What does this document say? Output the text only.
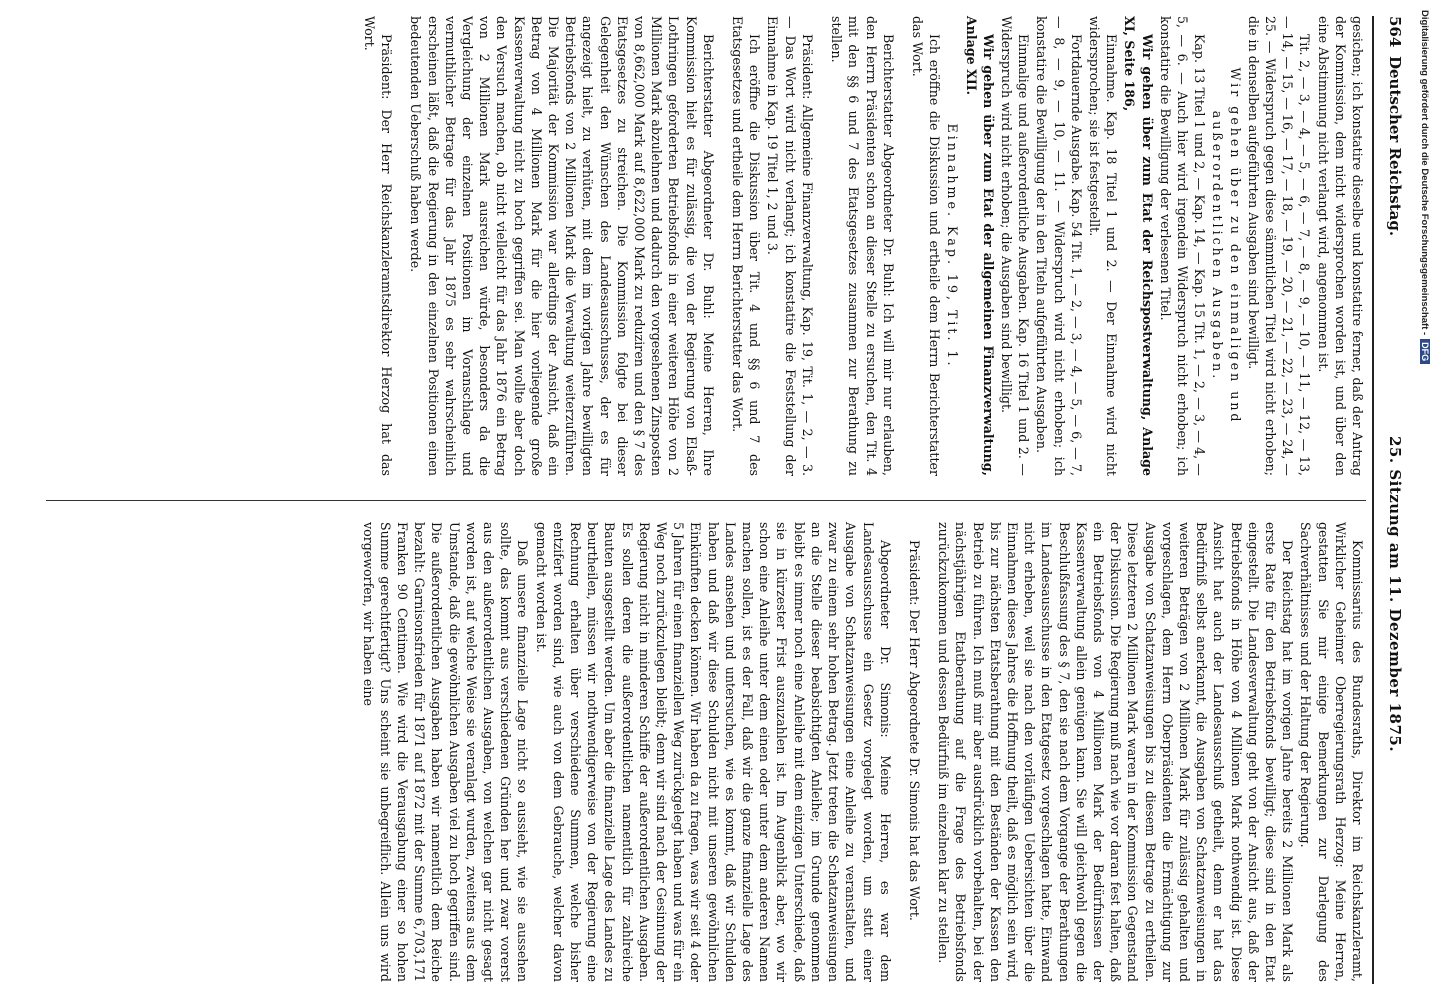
564
Deutscher Reichstag.
25. Sitzung am 11. Dezember 1875.

gesichen; ich konstatire dieselbe und konstatire ferner, daß der Antrag der Kommission, dem nicht widersprochen worden ist, und über den eine Abstimmung nicht verlangt wird, angenommen ist.

Tit. 2, — 3, — 4, — 5, — 6, — 7, — 8, — 9, — 10, — 11, — 12, — 13, — 14, — 15, — 16, — 17, — 18, — 19, — 20, — 21, — 22, — 23, — 24, — 25. — Widerspruch gegen diese sämmtlichen Titel wird nicht erhoben; die in denselben aufgeführten Ausgaben sind bewilligt.

Wir gehen über zu den einmaligen und außerordentlichen Ausgaben.

Kap. 13 Titel 1 und 2, — Kap. 14, — Kap. 15 Tit. 1, — 2, — 3, — 4, — 5, — 6. — Auch hier wird irgendein Widerspruch nicht erhoben; ich konstatire die Bewilligung der verlesenen Titel.

Wir gehen über zum Etat der Reichspostverwaltung, Anlage XI, Seite 186,

Einnahme. Kap. 18 Titel 1 und 2. — Der Einnahme wird nicht widersprochen; sie ist festgestellt.

Fortdauernde Ausgabe. Kap. 54 Tit. 1, — 2, — 3, — 4, — 5, — 6, — 7, — 8, — 9, — 10, — 11. — Widerspruch wird nicht erhoben; ich konstatire die Bewilligung der in den Titeln aufgeführten Ausgaben.

Einmalige und außerordentliche Ausgaben. Kap. 16 Titel 1 und 2. — Widerspruch wird nicht erhoben; die Ausgaben sind bewilligt.

Wir gehen über zum Etat der allgemeinen Finanzverwaltung, Anlage XII.

Einnahme. Kap. 19, Tit. 1.

Ich eröffne die Diskussion und ertheile dem Herrn Berichterstatter das Wort.

Berichterstatter Abgeordneter Dr. Buhl: Ich will mir nur erlauben, den Herrn Präsidenten schon an dieser Stelle zu ersuchen, den Tit. 4 mit den §§ 6 und 7 des Etatsgesetzes zusammen zur Berathung zu stellen.

Präsident: Allgemeine Finanzverwaltung, Kap. 19, Tit. 1, — 2, — 3. — Das Wort wird nicht verlangt; ich konstatire die Feststellung der Einnahme in Kap. 19 Titel 1, 2 und 3.

Ich eröffne die Diskussion über Tit. 4 und §§ 6 und 7 des Etatsgesetzes und ertheile dem Herrn Berichterstatter das Wort.

Berichterstatter Abgeordneter Dr. Buhl: Meine Herren, Ihre Kommission hielt es für zulässig, die von der Regierung von Elsaß-Lothringen geforderten Betriebsfonds in einer weiteren Höhe von 2 Millionen Mark abzulehnen und dadurch den vorgesehenen Zinsposten von 8,662,000 Mark auf 8,622,000 Mark zu reduziren und den § 7 des Etatsgesetzes zu streichen. Die Kommission folgte bei dieser Gelegenheit den Wünschen des Landesausschusses, der es für angezeigt hielt, zu verhüten, mit dem im vorigen Jahre bewilligten Betriebsfonds von 2 Millionen Mark die Verwaltung weiterzuführen. Die Majorität der Kommission war allerdings der Ansicht, daß ein Betrag von 4 Millionen Mark für die hier vorliegende große Kassenverwaltung nicht zu hoch gegriffen sei. Man wollte aber doch den Versuch machen, ob nicht vielleicht für das Jahr 1876 ein Betrag von 2 Millionen Mark ausreichen würde, besonders da die Vergleichung der einzelnen Positionen im Voranschlage und vermuthlicher Betrage für das Jahr 1875 es sehr wahrscheinlich erscheinen läßt, daß die Regierung in den einzelnen Positionen einen bedeutenden Ueberschuß haben werde.

Präsident: Der Herr Reichskanzleramtsdirektor Herzog hat das Wort.

Kommissarius des Bundesraths, Direktor im Reichskanzleramt, Wirklicher Geheimer Oberregierungsrath Herzog: Meine Herren, gestatten Sie mir einige Bemerkungen zur Darlegung des Sachverhältnisses und der Haltung der Regierung.

Der Reichstag hat im vorigen Jahre bereits 2 Millionen Mark als erste Rate für den Betriebsfonds bewilligt; diese sind in den Etat eingestellt. Die Landesverwaltung geht von der Ansicht aus, daß der Betriebsfonds in Höhe von 4 Millionen Mark nothwendig ist. Diese Ansicht hat auch der Landesausschuß getheilt, denn er hat das Bedürfniß selbst anerkannt, die Ausgaben von Schatzanweisungen in weiteren Beträgen von 2 Millionen Mark für zulässig gehalten und vorgeschlagen, dem Herrn Oberpräsidenten die Ermächtigung zur Ausgabe von Schatzanweisungen bis zu diesem Betrage zu ertheilen. Diese letzteren 2 Millionen Mark waren in der Kommission Gegenstand der Diskussion. Die Regierung muß nach wie vor daran fest halten, daß ein Betriebsfonds von 4 Millionen Mark der Bedürfnissen der Kassenverwaltung allein genügen kann. Sie will gleichwohl gegen die Beschlußfassung des § 7, den sie nach dem Vorgange der Berathungen im Landesausschusse in den Etatgesetz vorgeschlagen hatte, Einwand nicht erheben, weil sie nach den vorläufigen Uebersichten über die Einnahmen dieses Jahres die Hoffnung theilt, daß es möglich sein wird, bis zur nächsten Etatsberathung mit den Beständen der Kassen den Betrieb zu führen. Ich muß mir aber ausdrücklich vorbehalten, bei der nächstjährigen Etatberathung auf die Frage des Betriebsfonds zurückzukommen und dessen Bedürfniß im einzelnen klar zu stellen.

Präsident: Der Herr Abgeordnete Dr. Simonis hat das Wort.

Abgeordneter Dr. Simonis: Meine Herren, es war dem Landesausschusse ein Gesetz vorgelegt worden, um statt einer Ausgabe von Schatzanweisungen eine Anleihe zu veranstalten, und zwar zu einem sehr hohen Betrag. Jetzt treten die Schatzanweisungen an die Stelle dieser beabsichtigten Anleihe; im Grunde genommen bleibt es immer noch eine Anleihe mit dem einzigen Unterschiede, daß sie in kürzester Frist auszuzahlen ist. Im Augenblick aber, wo wir schon eine Anleihe unter dem einen oder unter dem anderen Namen machen sollen, ist es der Fall, daß wir die ganze finanzielle Lage des Landes ansehen und untersuchen, wie es kommt, daß wir Schulden haben und daß wir diese Schulden nicht mit unseren gewöhnlichen Einkünften decken können. Wir haben da zu fragen, was wir seit 4 oder 5 Jahren für einen finanziellen Weg zurückgelegt haben und was für ein Weg noch zurückzulegen bleibt; denn wir sind nach der Gesinnung der Regierung nicht in minderen Schiffe der außerordentlichen Ausgaben. Es sollen deren die außerordentlichen namentlich für zahlreiche Bauten ausgestellt werden. Um aber die finanzielle Lage des Landes zu beurtheilen, müssen wir nothwendigerweise von der Regierung eine Rechnung erhalten über verschiedene Summen, welche bisher entzifert worden sind, wie auch von dem Gebrauche, welcher davon gemacht worden ist.

Daß unsere finanzielle Lage nicht so aussieht, wie sie aussehen sollte, das kommt aus verschiedenen Gründen her und zwar vorerst aus den außerordentlichen Ausgaben, von welchen gar nicht gesagt worden ist, auf welche Weise sie veranlagt wurden, zweitens aus dem Umstande, daß die gewöhnlichen Ausgaben viel zu hoch gegriffen sind. Die außerordentlichen Ausgaben haben wir namentlich dem Reiche bezahlt: Garnisonsfrieden für 1871 auf 1872 mit der Summe 6,703,171 Franken 90 Centimen. Wie wird die Verausgabung einer so hohen Summe gerechtfertigt? Uns scheint sie unbegreiflich. Allein uns wird vorgeworfen, wir haben eine

Digitalisierung gefördert durch die Deutsche Forschungsgemeinschaft -DFG
